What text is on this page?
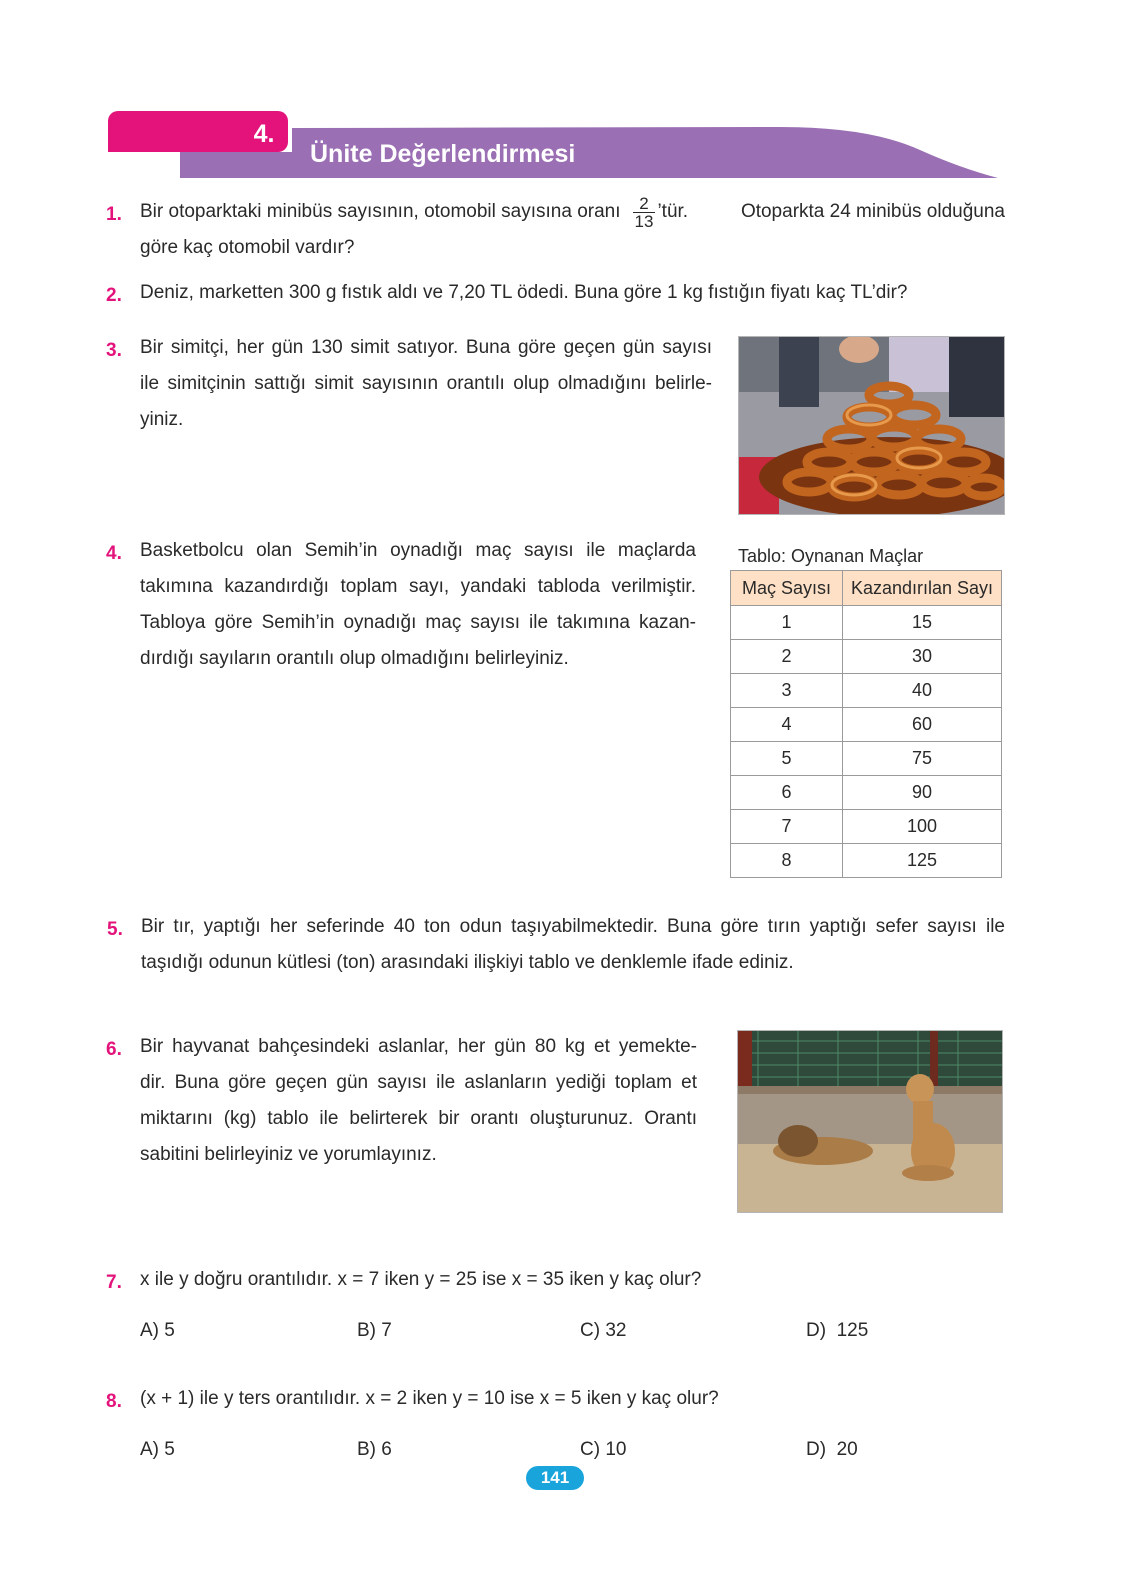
4.
Ünite Değerlendirmesi
1. Bir otoparktaki minibüs sayısının, otomobil sayısına oranı $\frac{2}{13}$ ’tür.	Otoparkta 24 minibüs olduğuna
göre kaç otomobil vardır?
2. Deniz, marketten 300 g fıstık aldı ve 7,20 TL ödedi. Buna göre 1 kg fıstığın fiyatı kaç TL’dir?
3. Bir simitçi, her gün 130 simit satıyor. Buna göre geçen gün sayısı
ile simitçinin sattığı simit sayısının orantılı olup olmadığını belirle-
yiniz.
4. Basketbolcu olan Semih’in oynadığı maç sayısı ile maçlarda
takımına kazandırdığı toplam sayı, yandaki tabloda verilmiştir.
Tabloya göre Semih’in oynadığı maç sayısı ile takımına kazan-
dırdığı sayıların orantılı olup olmadığını belirleyiniz.
Tablo: Oynanan Maçlar
Maç Sayısı	Kazandırılan Sayı
1	15
2	30
3	40
4	60
5	75
6	90
7	100
8	125
5. Bir tır, yaptığı her seferinde 40 ton odun taşıyabilmektedir. Buna göre tırın yaptığı sefer sayısı ile
taşıdığı odunun kütlesi (ton) arasındaki ilişkiyi tablo ve denklemle ifade ediniz.
6. Bir hayvanat bahçesindeki aslanlar, her gün 80 kg et yemekte-
dir. Buna göre geçen gün sayısı ile aslanların yediği toplam et
miktarını (kg) tablo ile belirterek bir orantı oluşturunuz. Orantı
sabitini belirleyiniz ve yorumlayınız.
7. x ile y doğru orantılıdır. x = 7 iken y = 25 ise x = 35 iken y kaç olur?
A) 5	B) 7	C) 32	D)  125
8. (x + 1) ile y ters orantılıdır. x = 2 iken y = 10 ise x = 5 iken y kaç olur?
A) 5	B) 6	C) 10	D)  20
141
